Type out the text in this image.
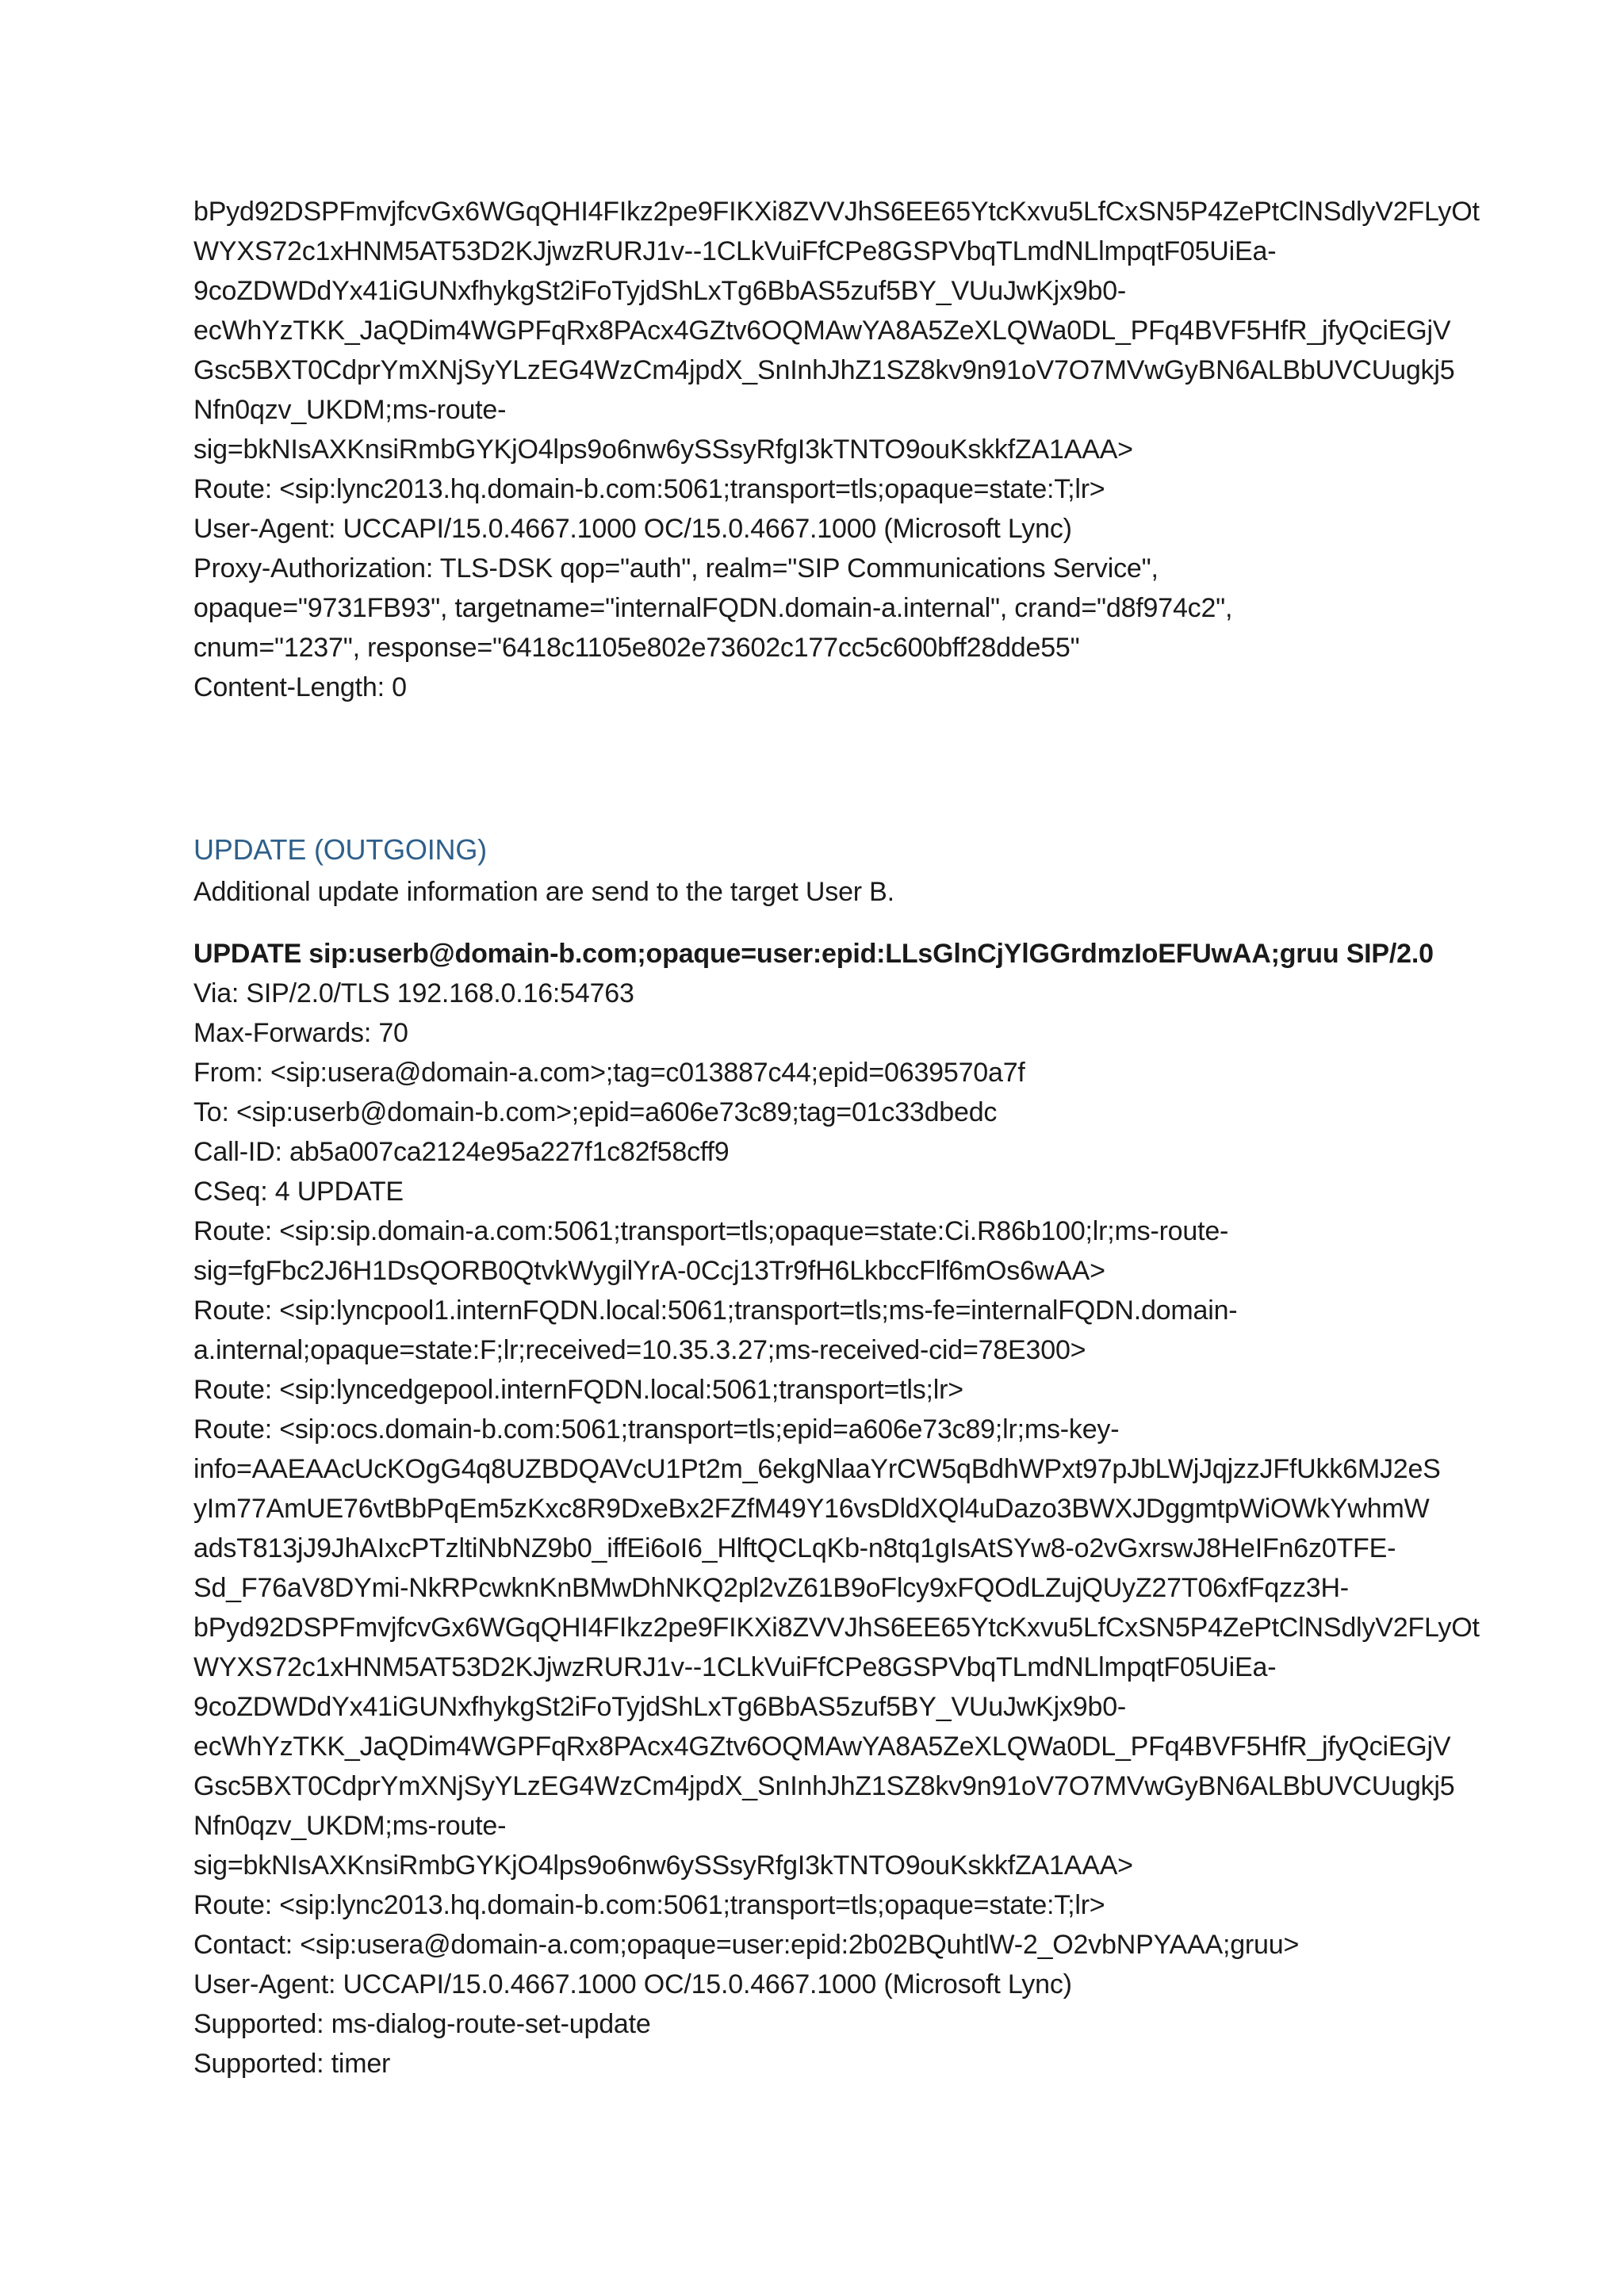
bPyd92DSPFmvjfcvGx6WGqQHI4FIkz2pe9FIKXi8ZVVJhS6EE65YtcKxvu5LfCxSN5P4ZePtClNSdlyV2FLyOt
WYXS72c1xHNM5AT53D2KJjwzRURJ1v--1CLkVuiFfCPe8GSPVbqTLmdNLlmpqtF05UiEa-
9coZDWDdYx41iGUNxfhykgSt2iFoTyjdShLxTg6BbAS5zuf5BY_VUuJwKjx9b0-
ecWhYzTKK_JaQDim4WGPFqRx8PAcx4GZtv6OQMAwYA8A5ZeXLQWa0DL_PFq4BVF5HfR_jfyQciEGjV
Gsc5BXT0CdprYmXNjSyYLzEG4WzCm4jpdX_SnInhJhZ1SZ8kv9n91oV7O7MVwGyBN6ALBbUVCUugkj5
Nfn0qzv_UKDM;ms-route-
sig=bkNIsAXKnsiRmbGYKjO4lps9o6nw6ySSsyRfgI3kTNTO9ouKskkfZA1AAA>
Route: <sip:lync2013.hq.domain-b.com:5061;transport=tls;opaque=state:T;lr>
User-Agent: UCCAPI/15.0.4667.1000 OC/15.0.4667.1000 (Microsoft Lync)
Proxy-Authorization: TLS-DSK qop="auth", realm="SIP Communications Service",
opaque="9731FB93", targetname="internalFQDN.domain-a.internal", crand="d8f974c2",
cnum="1237", response="6418c1105e802e73602c177cc5c600bff28dde55"
Content-Length: 0
UPDATE (OUTGOING)
Additional update information are send to the target User B.
UPDATE sip:userb@domain-b.com;opaque=user:epid:LLsGlnCjYlGGrdmzIoEFUwAA;gruu SIP/2.0
Via: SIP/2.0/TLS 192.168.0.16:54763
Max-Forwards: 70
From: <sip:usera@domain-a.com>;tag=c013887c44;epid=0639570a7f
To: <sip:userb@domain-b.com>;epid=a606e73c89;tag=01c33dbedc
Call-ID: ab5a007ca2124e95a227f1c82f58cff9
CSeq: 4 UPDATE
Route: <sip:sip.domain-a.com:5061;transport=tls;opaque=state:Ci.R86b100;lr;ms-route-
sig=fgFbc2J6H1DsQORB0QtvkWygilYrA-0Ccj13Tr9fH6LkbccFlf6mOs6wAA>
Route: <sip:lyncpool1.internFQDN.local:5061;transport=tls;ms-fe=internalFQDN.domain-
a.internal;opaque=state:F;lr;received=10.35.3.27;ms-received-cid=78E300>
Route: <sip:lyncedgepool.internFQDN.local:5061;transport=tls;lr>
Route: <sip:ocs.domain-b.com:5061;transport=tls;epid=a606e73c89;lr;ms-key-
info=AAEAAcUcKOgG4q8UZBDQAVcU1Pt2m_6ekgNlaaYrCW5qBdhWPxt97pJbLWjJqjzzJFfUkk6MJ2eS
yIm77AmUE76vtBbPqEm5zKxc8R9DxeBx2FZfM49Y16vsDldXQl4uDazo3BWXJDggmtpWiOWkYwhmW
adsT813jJ9JhAIxcPTzltiNbNZ9b0_iffEi6oI6_HlftQCLqKb-n8tq1gIsAtSYw8-o2vGxrswJ8HeIFn6z0TFE-
Sd_F76aV8DYmi-NkRPcwknKnBMwDhNKQ2pl2vZ61B9oFlcy9xFQOdLZujQUyZ27T06xfFqzz3H-
bPyd92DSPFmvjfcvGx6WGqQHI4FIkz2pe9FIKXi8ZVVJhS6EE65YtcKxvu5LfCxSN5P4ZePtClNSdlyV2FLyOt
WYXS72c1xHNM5AT53D2KJjwzRURJ1v--1CLkVuiFfCPe8GSPVbqTLmdNLlmpqtF05UiEa-
9coZDWDdYx41iGUNxfhykgSt2iFoTyjdShLxTg6BbAS5zuf5BY_VUuJwKjx9b0-
ecWhYzTKK_JaQDim4WGPFqRx8PAcx4GZtv6OQMAwYA8A5ZeXLQWa0DL_PFq4BVF5HfR_jfyQciEGjV
Gsc5BXT0CdprYmXNjSyYLzEG4WzCm4jpdX_SnInhJhZ1SZ8kv9n91oV7O7MVwGyBN6ALBbUVCUugkj5
Nfn0qzv_UKDM;ms-route-
sig=bkNIsAXKnsiRmbGYKjO4lps9o6nw6ySSsyRfgI3kTNTO9ouKskkfZA1AAA>
Route: <sip:lync2013.hq.domain-b.com:5061;transport=tls;opaque=state:T;lr>
Contact: <sip:usera@domain-a.com;opaque=user:epid:2b02BQuhtlW-2_O2vbNPYAAA;gruu>
User-Agent: UCCAPI/15.0.4667.1000 OC/15.0.4667.1000 (Microsoft Lync)
Supported: ms-dialog-route-set-update
Supported: timer
